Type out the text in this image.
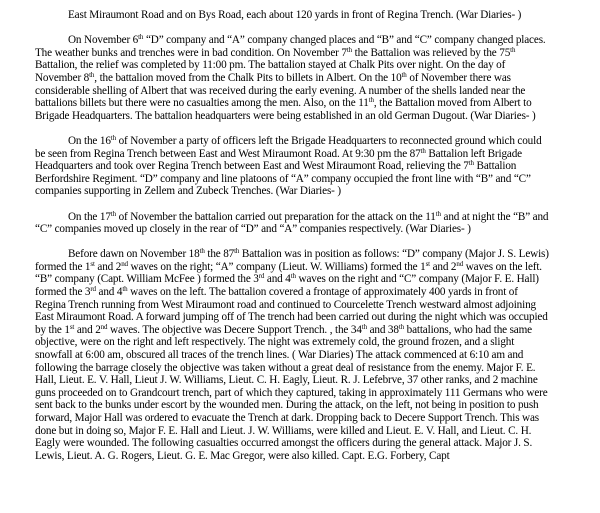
East Miraumont Road and on Bys Road, each about 120 yards in front of Regina Trench. (War Diaries- )
On November 6th “D” company and “A” company changed places and “B” and “C” company changed places.
The weather bunks and trenches were in bad condition. On November 7th the Battalion was relieved by the 75th
Battalion, the relief was completed by 11:00 pm. The battalion stayed at Chalk Pits over night. On the day of
November 8th, the battalion moved from the Chalk Pits to billets in Albert. On the 10th of November there was
considerable shelling of Albert that was received during the early evening. A number of the shells landed near the
battalions billets but there were no casualties among the men. Also, on the 11th, the Battalion moved from Albert to
Brigade Headquarters. The battalion headquarters were being established in an old German Dugout. (War Diaries- )
On the 16th of November a party of officers left the Brigade Headquarters to reconnected ground which could
be seen from Regina Trench between East and West Miraumont Road. At 9:30 pm the 87th Battalion left Brigade
Headquarters and took over Regina Trench between East and West Miraumont Road, relieving the 7th Battalion
Berfordshire Regiment. “D” company and line platoons of “A” company occupied the front line with “B” and “C”
companies supporting in Zellem and Zubeck Trenches. (War Diaries- )
On the 17th of November the battalion carried out preparation for the attack on the 11th and at night the “B” and
“C” companies moved up closely in the rear of “D” and “A” companies respectively. (War Diaries- )
Before dawn on November 18th the 87th Battalion was in position as follows: “D” company (Major J. S. Lewis)
formed the 1st and 2nd waves on the right; “A” company (Lieut. W. Williams) formed the 1st and 2nd waves on the left.
“B” company (Capt. William McFee ) formed the 3rd and 4th waves on the right and “C” company (Major F. E. Hall)
formed the 3rd and 4th waves on the left. The battalion covered a frontage of approximately 400 yards in front of
Regina Trench running from West Miraumont road and continued to Courcelette Trench westward almost adjoining
East Miraumont Road. A forward jumping off of The trench had been carried out during the night which was occupied
by the 1st and 2nd waves. The objective was Decere Support Trench. , the 34th and 38th battalions, who had the same
objective, were on the right and left respectively. The night was extremely cold, the ground frozen, and a slight
snowfall at 6:00 am, obscured all traces of the trench lines. ( War Diaries) The attack commenced at 6:10 am and
following the barrage closely the objective was taken without a great deal of resistance from the enemy. Major F. E.
Hall, Lieut. E. V. Hall, Lieut J. W. Williams, Lieut. C. H. Eagly, Lieut. R. J. Lefebrve, 37 other ranks, and 2 machine
guns proceeded on to Grandcourt trench, part of which they captured, taking in approximately 111 Germans who were
sent back to the bunks under escort by the wounded men. During the attack, on the left, not being in position to push
forward, Major Hall was ordered to evacuate the Trench at dark. Dropping back to Decere Support Trench. This was
done but in doing so, Major F. E. Hall and Lieut. J. W. Williams, were killed and Lieut. E. V. Hall, and Lieut. C. H.
Eagly were wounded. The following casualties occurred amongst the officers during the general attack. Major J. S.
Lewis, Lieut. A. G. Rogers, Lieut. G. E. Mac Gregor, were also killed. Capt. E.G. Forbery, Capt
